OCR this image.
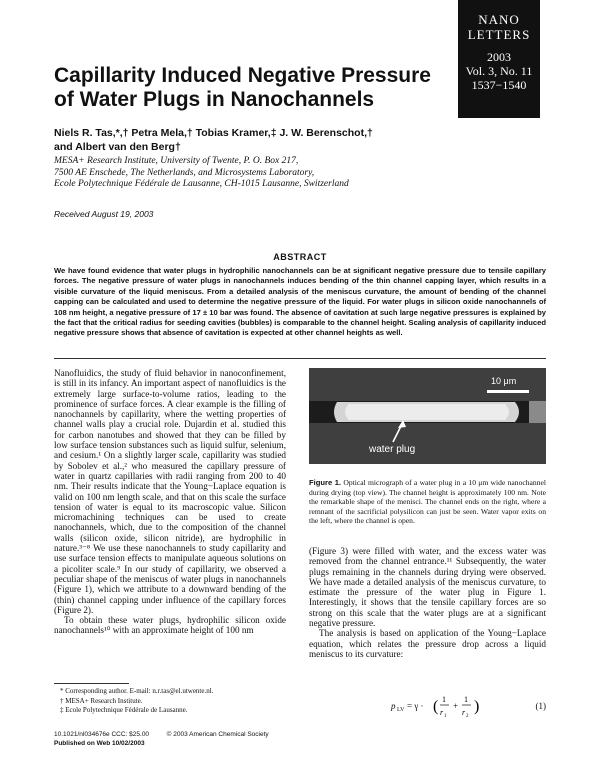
NANO
LETTERS
2003
Vol. 3, No. 11
1537−1540
Capillarity Induced Negative Pressure of Water Plugs in Nanochannels
Niels R. Tas,*,† Petra Mela,† Tobias Kramer,‡ J. W. Berenschot,† and Albert van den Berg†
MESA+ Research Institute, University of Twente, P. O. Box 217,
7500 AE Enschede, The Netherlands, and Microsystems Laboratory,
Ecole Polytechnique Fédérale de Lausanne, CH-1015 Lausanne, Switzerland
Received August 19, 2003
ABSTRACT
We have found evidence that water plugs in hydrophilic nanochannels can be at significant negative pressure due to tensile capillary forces. The negative pressure of water plugs in nanochannels induces bending of the thin channel capping layer, which results in a visible curvature of the liquid meniscus. From a detailed analysis of the meniscus curvature, the amount of bending of the channel capping can be calculated and used to determine the negative pressure of the liquid. For water plugs in silicon oxide nanochannels of 108 nm height, a negative pressure of 17 ± 10 bar was found. The absence of cavitation at such large negative pressures is explained by the fact that the critical radius for seeding cavities (bubbles) is comparable to the channel height. Scaling analysis of capillarity induced negative pressure shows that absence of cavitation is expected at other channel heights as well.

Nanofluidics, the study of fluid behavior in nanoconfinement, is still in its infancy. An important aspect of nanofluidics is the extremely large surface-to-volume ratios, leading to the prominence of surface forces. A clear example is the filling of nanochannels by capillarity, where the wetting properties of channel walls play a crucial role. Dujardin et al. studied this for carbon nanotubes and showed that they can be filled by low surface tension substances such as liquid sulfur, selenium, and cesium.¹ On a slightly larger scale, capillarity was studied by Sobolev et al.,² who measured the capillary pressure of water in quartz capillaries with radii ranging from 200 to 40 nm. Their results indicate that the Young−Laplace equation is valid on 100 nm length scale, and that on this scale the surface tension of water is equal to its macroscopic value. Silicon micromachining techniques can be used to create nanochannels, which, due to the composition of the channel walls (silicon oxide, silicon nitride), are hydrophilic in nature.³⁻⁸ We use these nanochannels to study capillarity and use surface tension effects to manipulate aqueous solutions on a picoliter scale.⁹ In our study of capillarity, we observed a peculiar shape of the meniscus of water plugs in nanochannels (Figure 1), which we attribute to a downward bending of the (thin) channel capping under influence of the capillary forces (Figure 2).

To obtain these water plugs, hydrophilic silicon oxide nanochannels¹⁰ with an approximate height of 100 nm

10 μm
water plug
Figure 1. Optical micrograph of a water plug in a 10 μm wide nanochannel during drying (top view). The channel height is approximately 100 nm. Note the remarkable shape of the menisci. The channel ends on the right, where a remnant of the sacrificial polysilicon can just be seen. Water vapor exits on the left, where the channel is open.

(Figure 3) were filled with water, and the excess water was removed from the channel entrance.¹¹ Subsequently, the water plugs remaining in the channels during drying were observed. We have made a detailed analysis of the meniscus curvature, to estimate the pressure of the water plug in Figure 1. Interestingly, it shows that the tensile capillary forces are so strong on this scale that the water plugs are at a significant negative pressure.

The analysis is based on application of the Young−Laplace equation, which relates the pressure drop across a liquid meniscus to its curvature:

p LV = γ · ( 1
r 1
+
1
r 2
)	(1)
* Corresponding author. E-mail: n.r.tas@el.utwente.nl.
† MESA+ Research Institute.
‡ Ecole Polytechnique Fédérale de Lausanne.
10.1021/nl034676e CCC: $25.00	© 2003 American Chemical Society
Published on Web 10/02/2003
